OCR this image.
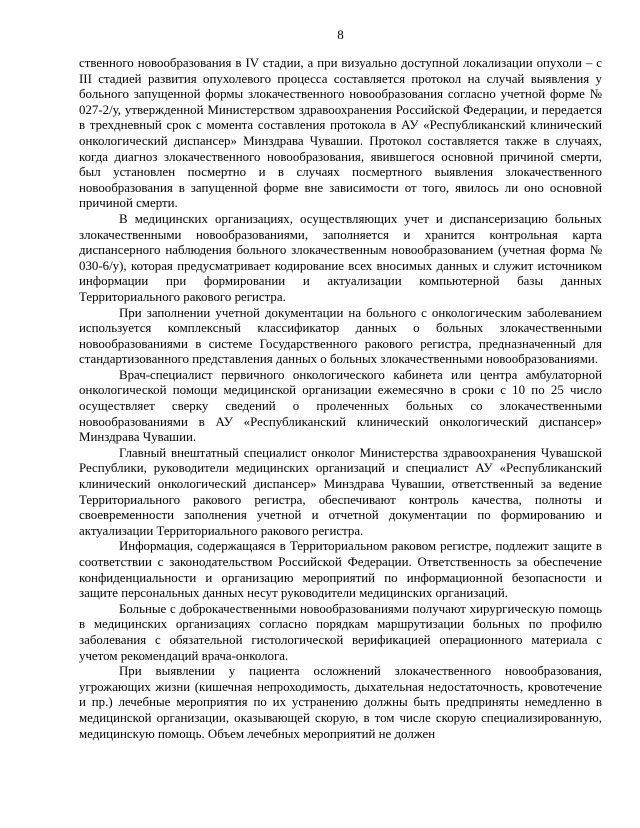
8

ственного новообразования в IV стадии, а при визуально доступной локализации опухоли – с III стадией развития опухолевого процесса составляется протокол на случай выявления у больного запущенной формы злокачественного новообразования согласно учетной форме № 027-2/у, утвержденной Министерством здравоохранения Российской Федерации, и передается в трехдневный срок с момента составления протокола в АУ «Республиканский клинический онкологический диспансер» Минздрава Чувашии. Протокол составляется также в случаях, когда диагноз злокачественного новообразования, явившегося основной причиной смерти, был установлен посмертно и в случаях посмертного выявления злокачественного новообразования в запущенной форме вне зависимости от того, явилось ли оно основной причиной смерти.

В медицинских организациях, осуществляющих учет и диспансеризацию больных злокачественными новообразованиями, заполняется и хранится контрольная карта диспансерного наблюдения больного злокачественным новообразованием (учетная форма № 030-6/у), которая предусматривает кодирование всех вносимых данных и служит источником информации при формировании и актуализации компьютерной базы данных Территориального ракового регистра.

При заполнении учетной документации на больного с онкологическим заболеванием используется комплексный классификатор данных о больных злокачественными новообразованиями в системе Государственного ракового регистра, предназначенный для стандартизованного представления данных о больных злокачественными новообразованиями.

Врач-специалист первичного онкологического кабинета или центра амбулаторной онкологической помощи медицинской организации ежемесячно в сроки с 10 по 25 число осуществляет сверку сведений о пролеченных больных со злокачественными новообразованиями в АУ «Республиканский клинический онкологический диспансер» Минздрава Чувашии.

Главный внештатный специалист онколог Министерства здравоохранения Чувашской Республики, руководители медицинских организаций и специалист АУ «Республиканский клинический онкологический диспансер» Минздрава Чувашии, ответственный за ведение Территориального ракового регистра, обеспечивают контроль качества, полноты и своевременности заполнения учетной и отчетной документации по формированию и актуализации Территориального ракового регистра.

Информация, содержащаяся в Территориальном раковом регистре, подлежит защите в соответствии с законодательством Российской Федерации. Ответственность за обеспечение конфиденциальности и организацию мероприятий по информационной безопасности и защите персональных данных несут руководители медицинских организаций.

Больные с доброкачественными новообразованиями получают хирургическую помощь в медицинских организациях согласно порядкам маршрутизации больных по профилю заболевания с обязательной гистологической верификацией операционного материала с учетом рекомендаций врача-онколога.

При выявлении у пациента осложнений злокачественного новообразования, угрожающих жизни (кишечная непроходимость, дыхательная недостаточность, кровотечение и пр.) лечебные мероприятия по их устранению должны быть предприняты немедленно в медицинской организации, оказывающей скорую, в том числе скорую специализированную, медицинскую помощь. Объем лечебных мероприятий не должен
